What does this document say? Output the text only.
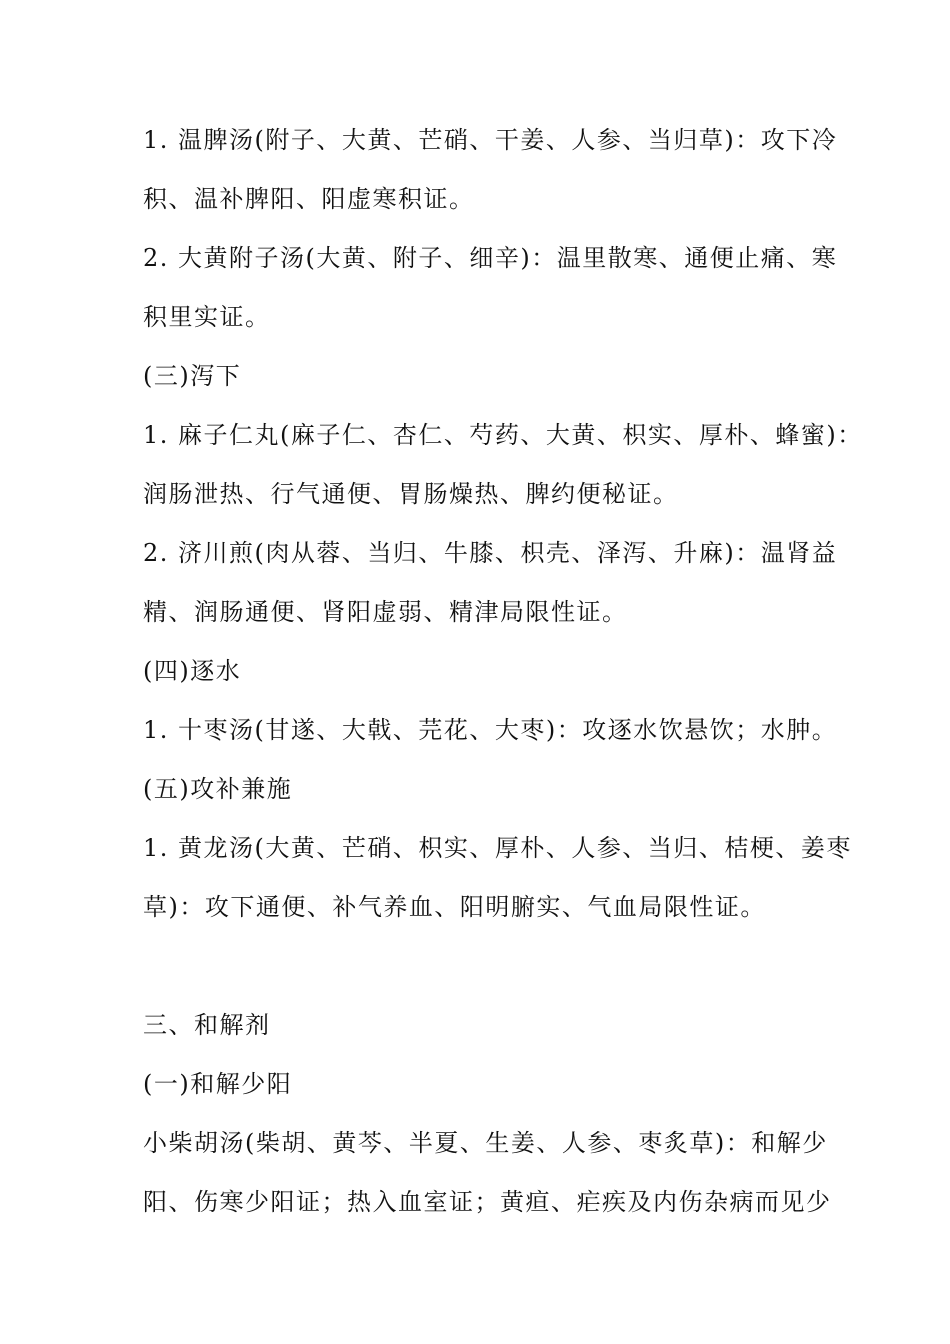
1. 温脾汤(附子、大黄、芒硝、干姜、人参、当归草)：攻下冷
积、温补脾阳、阳虚寒积证。
2. 大黄附子汤(大黄、附子、细辛)：温里散寒、通便止痛、寒
积里实证。
(三)泻下
1. 麻子仁丸(麻子仁、杏仁、芍药、大黄、枳实、厚朴、蜂蜜)：
润肠泄热、行气通便、胃肠燥热、脾约便秘证。
2. 济川煎(肉从蓉、当归、牛膝、枳壳、泽泻、升麻)：温肾益
精、润肠通便、肾阳虚弱、精津局限性证。
(四)逐水
1. 十枣汤(甘遂、大戟、芫花、大枣)：攻逐水饮悬饮；水肿。
(五)攻补兼施
1. 黄龙汤(大黄、芒硝、枳实、厚朴、人参、当归、桔梗、姜枣
草)：攻下通便、补气养血、阳明腑实、气血局限性证。
三、和解剂
(一)和解少阳
小柴胡汤(柴胡、黄芩、半夏、生姜、人参、枣炙草)：和解少
阳、伤寒少阳证；热入血室证；黄疸、疟疾及内伤杂病而见少
